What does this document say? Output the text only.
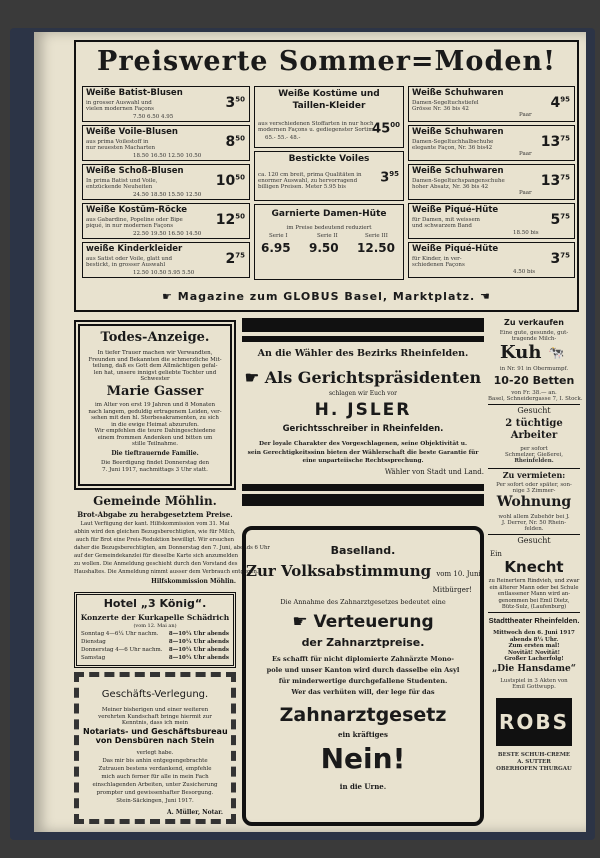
Preiswerte Sommer=Moden!
Weiße Batist-Blusen
in grosser Auswahl und
vielen modernen Façons
7.50 6.50 4.95
$3^{50}$
Weiße Voile-Blusen
aus prima Voilestoff in
nur neuesten Macharten
18.50 16.50 12.50 10.50
$8^{50}$
Weiße Schoß-Blusen
In prima Batist und Voile,
entzückende Neuheiten
24.50 18.50 15.50 12.50
$10^{50}$
Weiße Kostüm-Röcke
aus Gabardine, Popeline oder Bipe
piqué, in nur modernen Façons
22.50 19.50 16.50 14.50
$12^{50}$
weiße Kinderkleider
aus Satist oder Voile, glatt und
bestickt, in grosser Auswahl
12.50 10.50 5.95 5.50
$2^{75}$
Weiße Kostüme und
Taillen-Kleider
aus verschiedenen Stoffarten in nur hoch
modernen Façons u. gediegenster Sortim.
65.- 55.- 48.-
$45^{00}$
Bestickte Voiles
ca. 120 cm breit, prima Qualitäten in
enormer Auswahl, zu hervorragend
billigen Preisen. Meter 5.95 bis
$3^{95}$
Garnierte Damen-Hüte
im Preise bedeutend reduziert
Serie I
6.95
Serie II
9.50
Serie III
12.50
Weiße Schuhwaren
Damen-Segeltuchstiefel
Grösse Nr. 36 bis 42
Paar
$4^{95}$
Weiße Schuhwaren
Damen-Segeltuchhalbschuhe
elegante Façon, Nr. 36 bis42
Paar
$13^{75}$
Weiße Schuhwaren
Damen-Segeltuchspangenschuhe
hoher Absatz, Nr. 36 bis 42
Paar
$13^{75}$
Weiße Piqué-Hüte
für Damen, mit weissem
und schwarzem Band
18.50 bis
$5^{75}$
Weiße Piqué-Hüte
für Kinder, in ver-
schiedenen Façons
4.50 bis
$3^{75}$
☛ Magazine zum GLOBUS Basel, Marktplatz. ☚
Todes-Anzeige.
In tiefer Trauer machen wir Verwandten,
Freunden und Bekannten die schmerzliche Mit-
teilung, daß es Gott dem Allmächtigen gefal-
len hat, unsere innigst geliebte Tochter und
Schwester
Marie Gasser
im Alter von erst 19 Jahren und 8 Monaten
nach langem, geduldig ertragenem Leiden, ver-
sehen mit den hl. Sterbesakramenten, zu sich
in die ewige Heimat abzurufen.
Wir empfehlen die teure Dahingeschiedene
einem frommen Andenken und bitten um
stille Teilnahme.
Die tieftrauernde Familie.
Die Beerdigung findet Donnerstag den
7. Juni 1917, nachmittags 3 Uhr statt.
Gemeinde Möhlin.
Brot-Abgabe zu herabgesetztem Preise.
Laut Verfügung der kant. Hilfskommission vom 31. Mai
abhin wird den gleichen Bezugsberechtigten, wie für Milch,
auch für Brot eine Preis-Reduktion bewilligt. Wir ersuchen
daher die Bezugsberechtigten, am Donnerstag den 7. Juni, abends 6 Uhr
auf der Gemeindekanzlei für dieselbe Karte sich anzumelden
zu wollen. Die Anmeldung geschieht durch den Vorstand des
Haushaltes. Die Anmeldung nimmt ausser dem Verbrauch entgegen.
Hilfskommission Möhlin.
Hotel „3 König“.
Konzerte der Kurkapelle Schädrich
(vom 12. Mai an)
Sonntag 4—6¼ Uhr nachm. 8—10¼ Uhr abends
Dienstag	8—10¼ Uhr abends
Donnerstag 4—6 Uhr nachm. 8—10¼ Uhr abends
Samstag	8—10¼ Uhr abends
Geschäfts-Verlegung.
Meiner bisherigen und einer weiteren
verehrten Kundschaft bringe hiermit zur
Kenntnis, dass ich mein
Notariats- und Geschäftsbureau
von Densbüren nach Stein
verlegt habe.
Das mir bis anhin entgegengebrachte
Zutrauen bestens verdankend, empfehle
mich auch ferner für alle in mein Fach
einschlagenden Arbeiten, unter Zusicherung
prompter und gewissenhafter Besorgung.
Stein-Säckingen, Juni 1917.
A. Müller, Notar.
An die Wähler des Bezirks Rheinfelden.
☛ Als Gerichtspräsidenten
schlagen wir Euch vor
H. JSLER
Gerichtsschreiber in Rheinfelden.
Der loyale Charakter des Vorgeschlagenen, seine Objektivität u.
sein Gerechtigkeitssinn bieten der Wählerschaft die beste Garantie für
eine unparteiische Rechtssprechung.
Wähler von Stadt und Land.
Baselland.
Zur Volksabstimmung vom 10. Juni
Mitbürger!
Die Annahme des Zahnarztgesetzes bedeutet eine
☛ Verteuerung
der Zahnarztpreise.
Es schafft für nicht diplomierte Zahnärzte Mono-
pole und unser Kanton wird durch dasselbe ein Asyl
für minderwertige durchgefallene Studenten.
Wer das verhüten will, der lege für das
Zahnarztgesetz
ein kräftiges
Nein!
in die Urne.
Zu verkaufen
Eine gute, gesunde, gut-
tragende Milch-
Kuh 🐄
in Nr. 91 in Obermumpf.
10-20 Betten
von Fr. 38.— an.
Basel, Schneidergasse 7, I. Stock.
Gesucht
2 tüchtige
Arbeiter
per sofort
Schmelzer, Gießerei,
Rheinfelden.
Zu vermieten:
Per sofort oder später, son-
nige 3 Zimmer-
Wohnung
wohl allem Zubehör bei J.
J. Derrer, Nr. 50 Rhein-
felden.
Gesucht
Ein
Knecht
zu Reinertern Rindvieh, und zwar
ein älterer Mann oder bei Schule
entlassener Mann wird an-
genommen bei Emil Dietz,
Bütz-Sulz, (Laufenburg)
Stadttheater Rheinfelden.
Mittwoch den 6. Juni 1917
abends 8¼ Uhr.
Zum ersten mal!
Novität! Novität!
Großer Lacherfolg!
„Die Hansdame“
Lustspiel in 3 Akten von
Emil Gottwupp.
ROBS
BESTE SCHUH-CREME
A. SUTTER
OBERHOFEN THURGAU
